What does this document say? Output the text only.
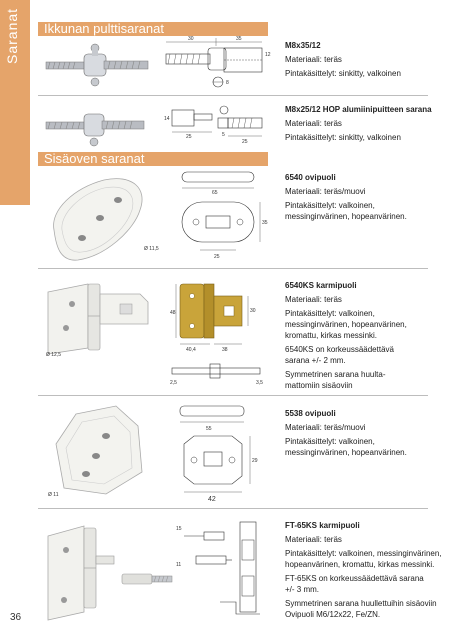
Saranat
36
Ikkunan pulttisaranat
Sisäoven saranat
30	35
12
8
M8x35/12
Materiaali: teräs
Pintakäsittelyt: sinkitty, valkoinen
14
25	5
25
M8x25/12 HOP alumiinipuitteen sarana
Materiaali: teräs
Pintakäsittelyt: sinkitty, valkoinen
Ø 11,5
65
35
25
6540 ovipuoli
Materiaali: teräs/muovi
Pintakäsittelyt: valkoinen,
messinginvärinen, hopeanvärinen.
Ø 12,5
48	30
40,4	38
2,5	3,5
6540KS karmipuoli
Materiaali: teräs
Pintakäsittelyt: valkoinen,
messinginvärinen, hopeanvärinen,
kromattu, kirkas messinki.
6540KS on korkeussäädettävä
sarana +/- 2 mm.
Symmetrinen sarana huulta-
mattomiin sisäoviin
Ø 11
55
29
42
5538 ovipuoli
Materiaali: teräs/muovi
Pintakäsittelyt: valkoinen,
messinginvärinen, hopeanvärinen.
15
11
FT-65KS karmipuoli
Materiaali: teräs
Pintakäsittelyt: valkoinen, messinginvärinen,
hopeanvärinen, kromattu, kirkas messinki.
FT-65KS on korkeussäädettävä sarana
+/- 3 mm.
Symmetrinen sarana huullettuihin sisäoviin
Ovipuoli M6/12x22, Fe/ZN.
